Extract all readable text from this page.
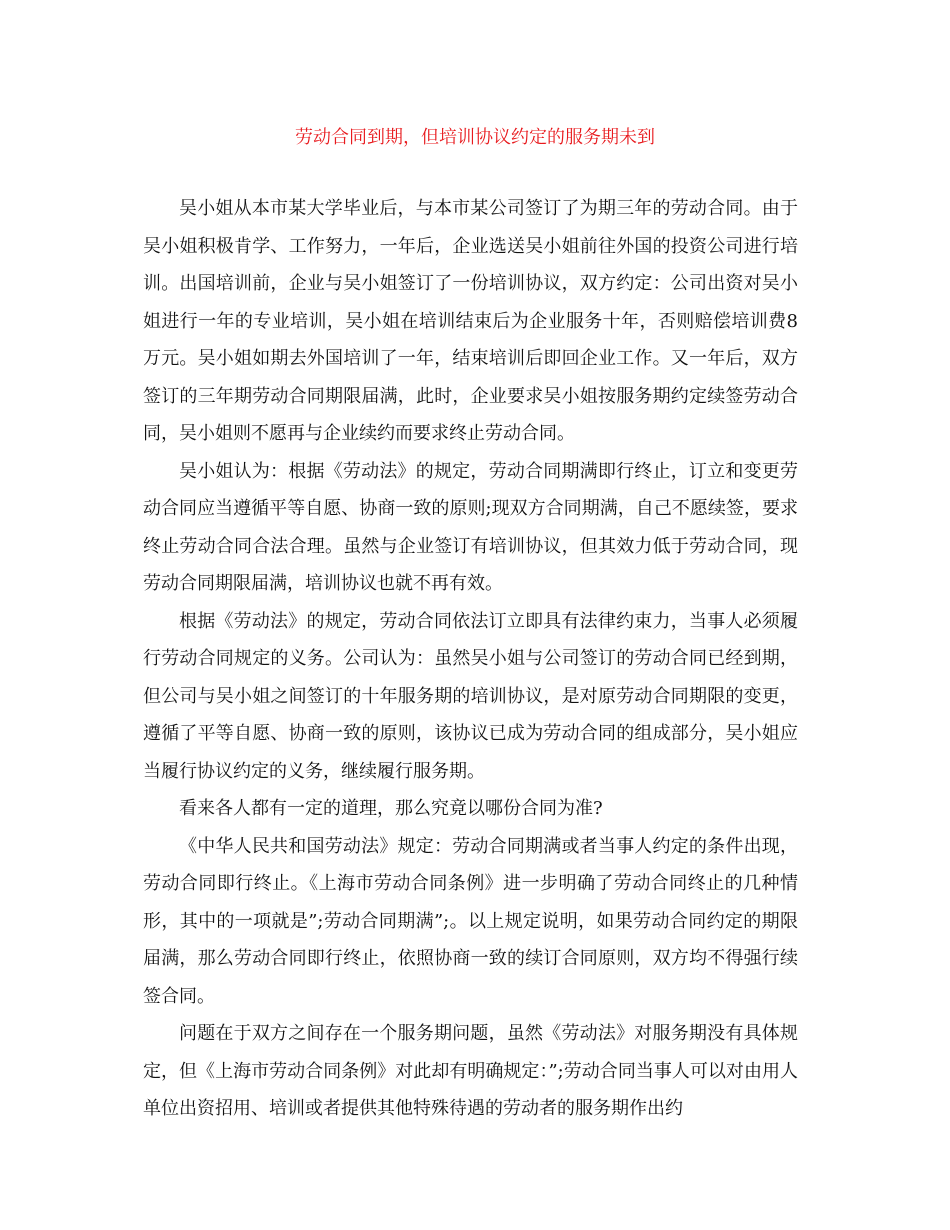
劳动合同到期，但培训协议约定的服务期未到

吴小姐从本市某大学毕业后，与本市某公司签订了为期三年的劳动合同。由于吴小姐积极肯学、工作努力，一年后，企业选送吴小姐前往外国的投资公司进行培训。出国培训前，企业与吴小姐签订了一份培训协议，双方约定：公司出资对吴小姐进行一年的专业培训，吴小姐在培训结束后为企业服务十年，否则赔偿培训费8万元。吴小姐如期去外国培训了一年，结束培训后即回企业工作。又一年后，双方签订的三年期劳动合同期限届满，此时，企业要求吴小姐按服务期约定续签劳动合同，吴小姐则不愿再与企业续约而要求终止劳动合同。

吴小姐认为：根据《劳动法》的规定，劳动合同期满即行终止，订立和变更劳动合同应当遵循平等自愿、协商一致的原则;现双方合同期满，自己不愿续签，要求终止劳动合同合法合理。虽然与企业签订有培训协议，但其效力低于劳动合同，现劳动合同期限届满，培训协议也就不再有效。

根据《劳动法》的规定，劳动合同依法订立即具有法律约束力，当事人必须履行劳动合同规定的义务。公司认为：虽然吴小姐与公司签订的劳动合同已经到期，但公司与吴小姐之间签订的十年服务期的培训协议，是对原劳动合同期限的变更，遵循了平等自愿、协商一致的原则，该协议已成为劳动合同的组成部分，吴小姐应当履行协议约定的义务，继续履行服务期。

看来各人都有一定的道理，那么究竟以哪份合同为准?

《中华人民共和国劳动法》规定：劳动合同期满或者当事人约定的条件出现，劳动合同即行终止。《上海市劳动合同条例》进一步明确了劳动合同终止的几种情形，其中的一项就是”;劳动合同期满”;。以上规定说明，如果劳动合同约定的期限届满，那么劳动合同即行终止，依照协商一致的续订合同原则，双方均不得强行续签合同。

问题在于双方之间存在一个服务期问题，虽然《劳动法》对服务期没有具体规定，但《上海市劳动合同条例》对此却有明确规定：”;劳动合同当事人可以对由用人单位出资招用、培训或者提供其他特殊待遇的劳动者的服务期作出约
